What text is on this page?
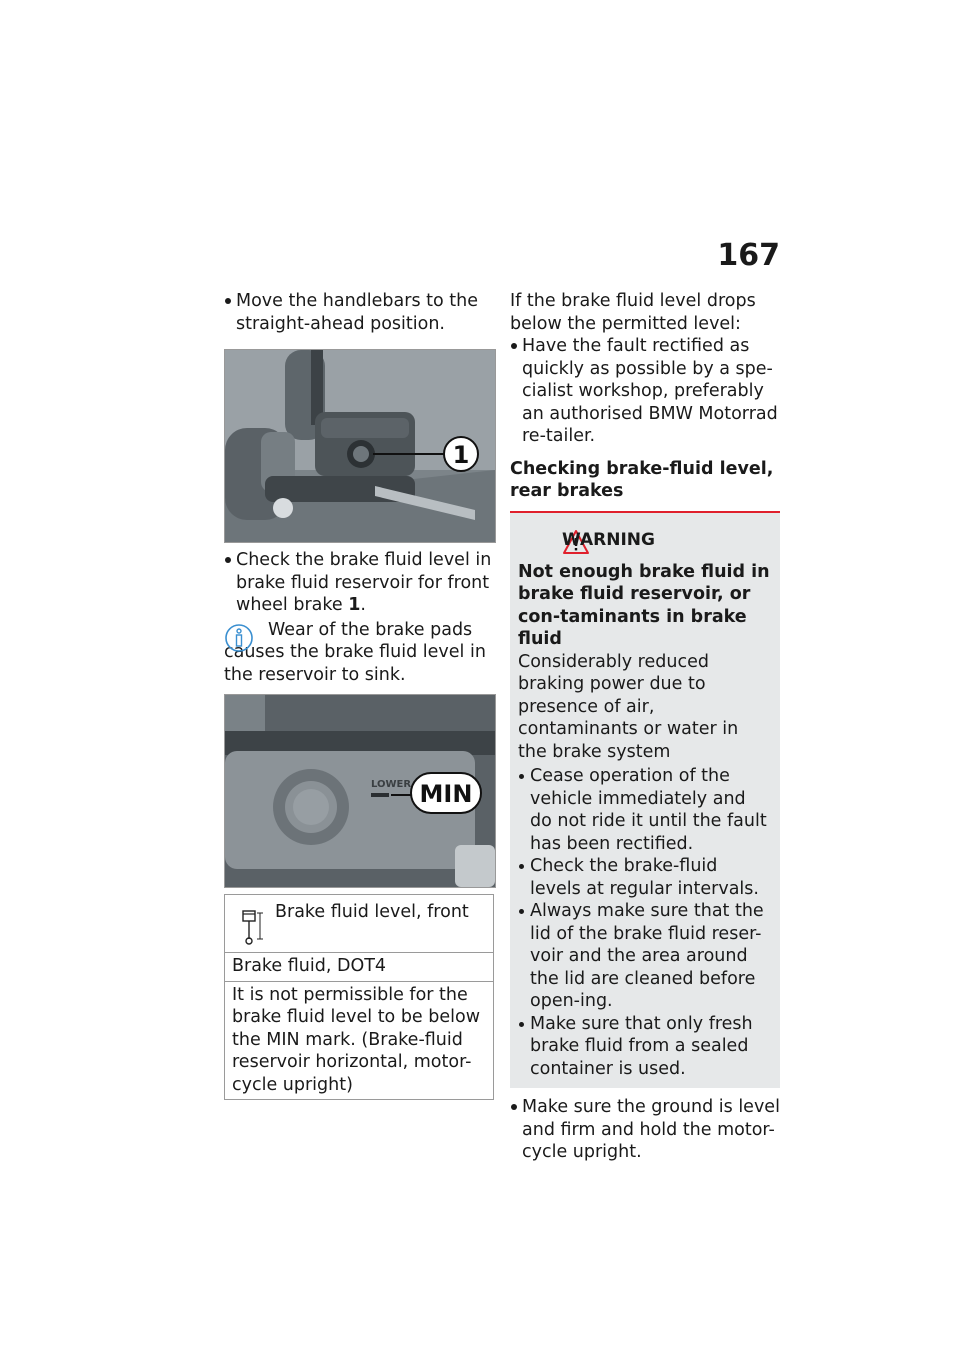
167

Move the handlebars to the straight-ahead position.

1

Check the brake fluid level in brake fluid reservoir for front wheel brake 1.

Wear of the brake pads causes the brake fluid level in the reservoir to sink.

LOWER MIN
Brake fluid level, front
Brake fluid, DOT4
It is not permissible for the brake fluid level to be below the MIN mark. (Brake-fluid reservoir horizontal, motor-cycle upright)

If the brake fluid level drops below the permitted level:

Have the fault rectified as quickly as possible by a spe-cialist workshop, preferably an authorised BMW Motorrad re-tailer.

Checking brake-fluid level, rear brakes
WARNING
Not enough brake fluid in brake fluid reservoir, or con-taminants in brake fluid
Considerably reduced braking power due to presence of air, contaminants or water in the brake system

Cease operation of the vehicle immediately and do not ride it until the fault has been rectified.

Check the brake-fluid levels at regular intervals.

Always make sure that the lid of the brake fluid reser-voir and the area around the lid are cleaned before open-ing.

Make sure that only fresh brake fluid from a sealed container is used.

Make sure the ground is level and firm and hold the motor-cycle upright.
